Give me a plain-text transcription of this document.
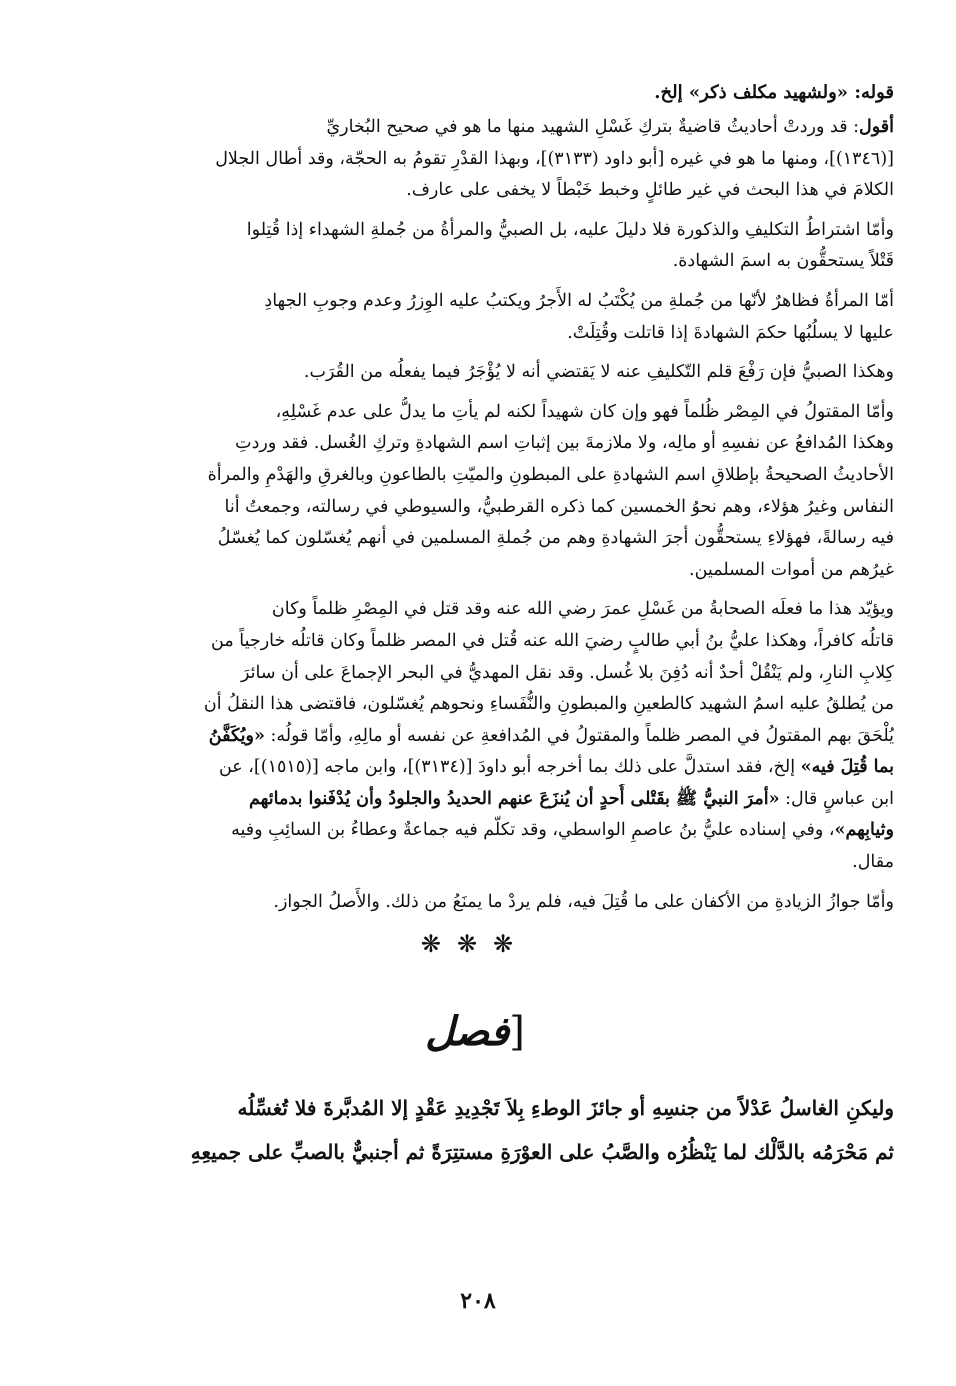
قوله: «ولشهيد مكلف ذكر» إلخ.

أقول: قد وردتْ أحاديثُ قاضيةٌ بتركِ غَسْلِ الشهيد منها ما هو في صحيح البُخاريِّ
[(١٣٤٦)]، ومنها ما هو في غيره [أبو داود (٣١٣٣)]، وبهذا القدْرِ تقومُ به الحجّة، وقد أطال الجلال
الكلامَ في هذا البحث في غير طائلٍ وخبط خَبْطاً لا يخفى على عارف.
وأمّا اشتراطُ التكليفِ والذكورة فلا دليلَ عليه، بل الصبيُّ والمرأةُ من جُملةِ الشهداء إذا قُتِلوا
قَتْلاً يستحقُّون به اسمَ الشهادة.
أمّا المرأةُ فظاهرٌ لأنّها من جُملةِ من يُكْتَبُ له الأَجرُ ويكتبُ عليه الوِزرُ وعدم وجوبِ الجهادِ
عليها لا يسلُبُها حكمَ الشهادةَ إذا قاتلت وقُتِلَتْ.
وهكذا الصبيُّ فإن رَفْعَ قلم التّكليفِ عنه لا يَقتضي أنه لا يُؤْجَرُ فيما يفعلُه من القُرَب.
وأمّا المقتولُ في المِصْر ظُلماً فهو وإن كان شهيداً لكنه لم يأتِ ما يدلُّ على عدم غَسْلِهِ،
وهكذا المُدافعُ عن نفسِهِ أو مالِه، ولا ملازمةَ بين إثباتِ اسم الشهادةِ وتركِ الغُسل. فقد وردتِ
الأحاديثُ الصحيحةُ بإطلاقِ اسم الشهادةِ على المبطونِ والميّتِ بالطاعونِ وبالغرقِ والهَدْمِ والمرأة
النفاس وغيرُ هؤلاء، وهم نحوُ الخمسين كما ذكره القرطبيُّ، والسيوطي في رسالته، وجمعتُ أنا
فيه رسالةً، فهؤلاءِ يستحقُّون أجرَ الشهادةِ وهم من جُملةِ المسلمين في أنهم يُغسّلون كما يُغسّلُ
غيرُهم من أموات المسلمين.
ويؤيّد هذا ما فعلَه الصحابةُ من غَسْلِ عمرَ رضي الله عنه وقد قتل في المِصْرِ ظلماً وكان
قاتلُه كافراً، وهكذا عليُّ بنُ أبي طالبٍ رضيَ الله عنه قُتل في المصر ظلماً وكان قاتلُه خارجياً من
كِلابِ النارِ، ولم يَنْقُلْ أحدٌ أنه دُفِنَ بلا غُسل. وقد نقل المهديُّ في البحر الإجماعَ على أن سائرَ
من يُطلقُ عليه اسمُ الشهيد كالطعينِ والمبطونِ والنُّفَساءِ ونحوهم يُغسّلون، فاقتضى هذا النقلُ أن
يُلْحَقَ بهم المقتولُ في المصر ظلماً والمقتولُ في المُدافعةِ عن نفسه أو مالِهِ، وأمّا قولُه: «ويُكَفَّنُ
بما قُتِلَ فيه» إلخ، فقد استدلَّ على ذلك بما أخرجه أبو داودَ [(٣١٣٤)]، وابن ماجه [(١٥١٥)]، عن
ابن عباسٍ قال: «أمرَ النبيُّ ﷺ بقَتْلى أُحدٍ أن يُنزَعَ عنهم الحديدُ والجلودُ وأن يُدْفَنوا بدمائهم
وثيابِهم»، وفي إسناده عليُّ بنُ عاصمِ الواسطي، وقد تكلّم فيه جماعةٌ وعطاءُ بن السائِبِ وفيه
مقال.
وأمّا جوازُ الزيادةِ من الأكفان على ما قُتِلَ فيه، فلم يردْ ما يمنَعُ من ذلك. والأَصلُ الجواز.
❋❋❋
[فصل
وليكنِ الغاسلُ عَدْلاً من جنسِهِ أو جائزَ الوطءِ بِلاَ تَجْدِيدِ عَقْدٍ إلا المُدبَّرةَ فلا تُغسِّلُه
ثم مَحْرَمُه بالدَّلْك لما يَنْظُرُه والصَّبُ على العوْرَةِ مستتِرَةً ثم أجنبيٌّ بالصبِّ على جميعِهِ
٢٠٨
